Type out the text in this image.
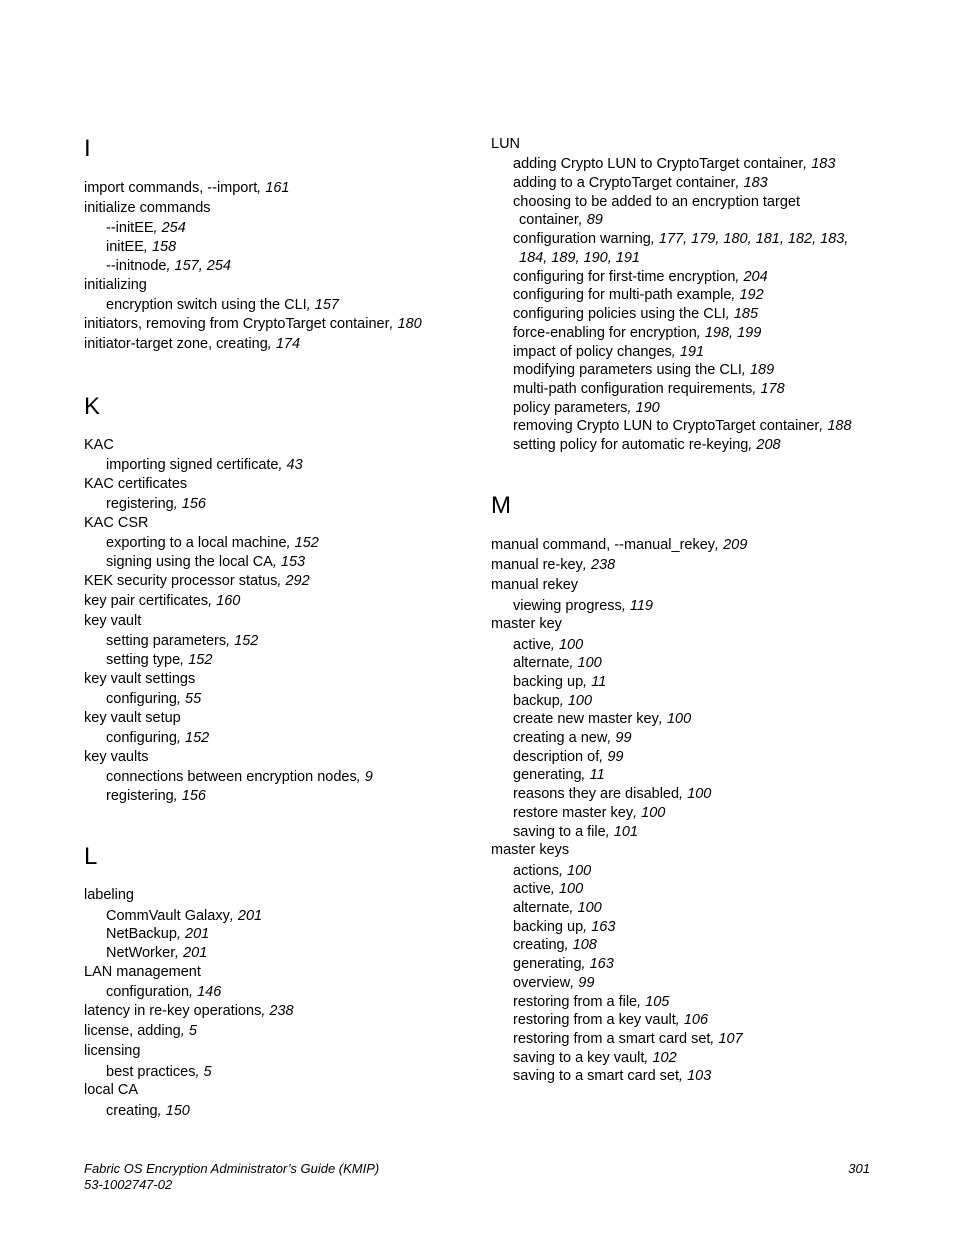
I
import commands, --import, 161
initialize commands
--initEE, 254
initEE, 158
--initnode, 157, 254
initializing
encryption switch using the CLI, 157
initiators, removing from CryptoTarget container, 180
initiator-target zone, creating, 174
K
KAC
importing signed certificate, 43
KAC certificates
registering, 156
KAC CSR
exporting to a local machine, 152
signing using the local CA, 153
KEK security processor status, 292
key pair certificates, 160
key vault
setting parameters, 152
setting type, 152
key vault settings
configuring, 55
key vault setup
configuring, 152
key vaults
connections between encryption nodes, 9
registering, 156
L
labeling
CommVault Galaxy, 201
NetBackup, 201
NetWorker, 201
LAN management
configuration, 146
latency in re-key operations, 238
license, adding, 5
licensing
best practices, 5
local CA
creating, 150
LUN
adding Crypto LUN to CryptoTarget container, 183
adding to a CryptoTarget container, 183
choosing to be added to an encryption target
container, 89
configuration warning, 177, 179, 180, 181, 182, 183,
184, 189, 190, 191
configuring for first-time encryption, 204
configuring for multi-path example, 192
configuring policies using the CLI, 185
force-enabling for encryption, 198, 199
impact of policy changes, 191
modifying parameters using the CLI, 189
multi-path configuration requirements, 178
policy parameters, 190
removing Crypto LUN to CryptoTarget container, 188
setting policy for automatic re-keying, 208
M
manual command, --manual_rekey, 209
manual re-key, 238
manual rekey
viewing progress, 119
master key
active, 100
alternate, 100
backing up, 11
backup, 100
create new master key, 100
creating a new, 99
description of, 99
generating, 11
reasons they are disabled, 100
restore master key, 100
saving to a file, 101
master keys
actions, 100
active, 100
alternate, 100
backing up, 163
creating, 108
generating, 163
overview, 99
restoring from a file, 105
restoring from a key vault, 106
restoring from a smart card set, 107
saving to a key vault, 102
saving to a smart card set, 103
Fabric OS Encryption Administrator’s Guide (KMIP)
53-1002747-02
301
